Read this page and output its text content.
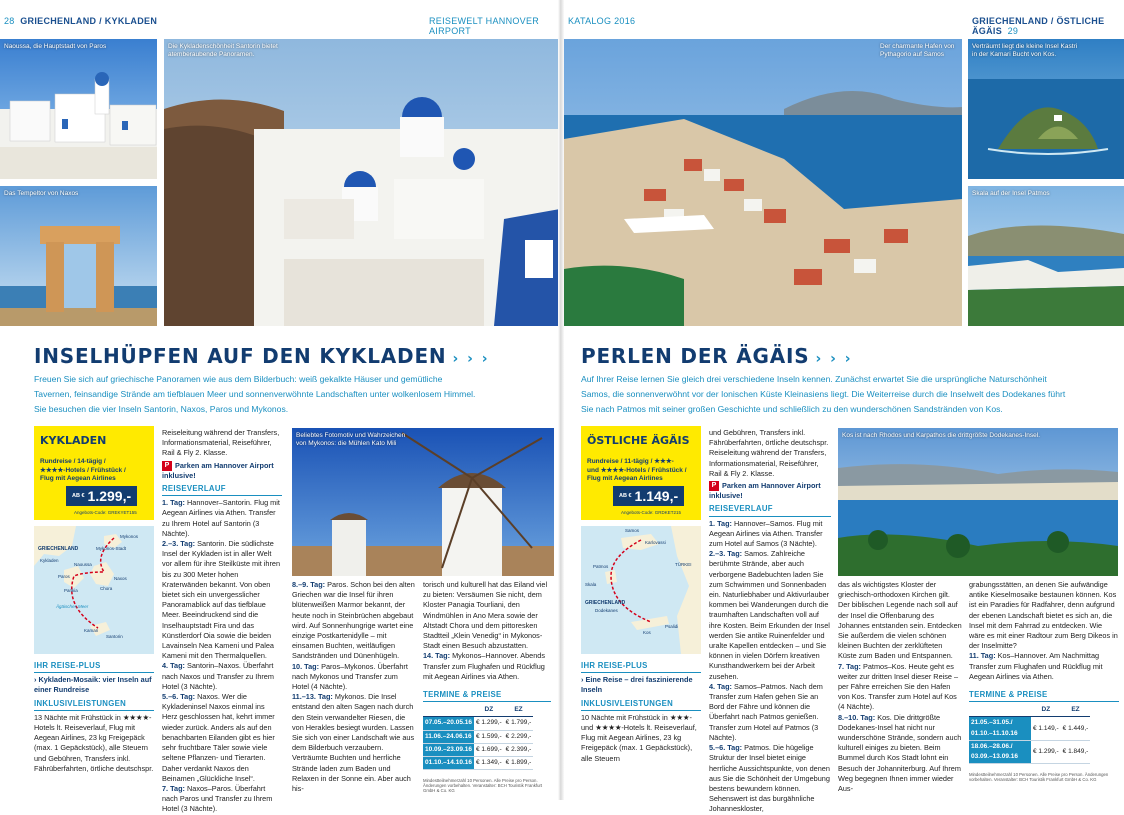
28 GRIECHENLAND / KYKLADEN	REISEWELT HANNOVER AIRPORT
Naoussa, die Hauptstadt von Paros
Das Tempeltor von Naxos
Die Kykladenschönheit Santorin bietet atemberaubende Panoramen.
INSELHÜPFEN AUF DEN KYKLADEN › › ›
Freuen Sie sich auf griechische Panoramen wie aus dem Bilderbuch: weiß gekalkte Häuser und gemütliche
Tavernen, feinsandige Strände am tiefblauen Meer und sonnenverwöhnte Landschaften unter wolkenlosem Himmel.
Sie besuchen die vier Inseln Santorin, Naxos, Paros und Mykonos.
KYKLADEN
Rundreise / 14-tägig /
★★★★-Hotels / Frühstück /
Flug mit Aegean Airlines
AB € 1.299,-
Angebots-Code: GREKYET155
GRIECHENLAND
Kykladen
Ägäisches Meer
Mykonos
Mykonos-Stadt
Naxos
Naoussa
Paros
Chora
Parikia
Kamari
Santorin
IHR REISE-PLUS

› Kykladen-Mosaik: vier Inseln auf einer Rundreise

INKLUSIVLEISTUNGEN

13 Nächte mit Frühstück in ★★★★-Hotels lt. Reiseverlauf, Flug mit Aegean Airlines, 23 kg Freigepäck (max. 1 Gepäckstück), alle Steuern und Gebühren, Transfers inkl. Fährüberfahrten, örtliche deutschspr.

Reiseleitung während der Transfers, Informationsmaterial, Reiseführer, Rail & Fly 2. Klasse.

P Parken am Hannover Airport inklusive!

REISEVERLAUF

1. Tag: Hannover–Santorin. Flug mit Aegean Airlines via Athen. Transfer zu Ihrem Hotel auf Santorin (3 Nächte).

2.–3. Tag: Santorin. Die südlichste Insel der Kykladen ist in aller Welt vor allem für ihre Steilküste mit ihren bis zu 300 Meter hohen Kraterwänden bekannt. Von oben bietet sich ein unvergesslicher Panoramablick auf das tiefblaue Meer. Beeindruckend sind die Inselhauptstadt Fira und das Künstlerdorf Oia sowie die beiden Lavainseln Nea Kameni und Palea Kameni mit den Thermalquellen.

4. Tag: Santorin–Naxos. Überfahrt nach Naxos und Transfer zu Ihrem Hotel (3 Nächte).

5.–6. Tag: Naxos. Wer die Kykladeninsel Naxos einmal ins Herz geschlossen hat, kehrt immer wieder zurück. Anders als auf den benachbarten Eilanden gibt es hier sehr fruchtbare Täler sowie viele seltene Pflanzen- und Tierarten. Daher verdankt Naxos den Beinamen „Glückliche Insel“.

7. Tag: Naxos–Paros. Überfahrt nach Paros und Transfer zu Ihrem Hotel (3 Nächte).

Beliebtes Fotomotiv und Wahrzeichen von Mykonos: die Mühlen Kato Mili

8.–9. Tag: Paros. Schon bei den alten Griechen war die Insel für ihren blütenweißen Marmor bekannt, der heute noch in Steinbrüchen abgebaut wird. Auf Sonnenhungrige wartet eine einzige Postkartenidylle – mit einsamen Buchten, weitläufigen Sandstränden und Dünenhügeln.

10. Tag: Paros–Mykonos. Überfahrt nach Mykonos und Transfer zum Hotel (4 Nächte).

11.–13. Tag: Mykonos. Die Insel entstand den alten Sagen nach durch den Stein verwandelter Riesen, die von Herakles besiegt wurden. Lassen Sie sich von einer Landschaft wie aus dem Bilderbuch verzaubern. Verträumte Buchten und herrliche Strände laden zum Baden und Relaxen in der Sonne ein. Aber auch his-

torisch und kulturell hat das Eiland viel zu bieten: Versäumen Sie nicht, dem Kloster Panagia Tourliani, den Windmühlen in Ano Mera sowie der Altstadt Chora und dem pittoresken Stadtteil „Klein Venedig“ in Mykonos-Stadt einen Besuch abzustatten.

14. Tag: Mykonos–Hannover. Abends Transfer zum Flughafen und Rückflug mit Aegean Airlines via Athen.

TERMINE & PREISE
	DZ	EZ
07.05.–20.05.16	€ 1.299,-	€ 1.799,-
11.06.–24.06.16	€ 1.599,-	€ 2.299,-
10.09.–23.09.16	€ 1.699,-	€ 2.399,-
01.10.–14.10.16	€ 1.349,-	€ 1.899,-
Mindestteilnehmerzahl 10 Personen. Alle Preise pro Person. Änderungen vorbehalten. Veranstalter: BCH Touristik Frankfurt GmbH & Co. KG
KATALOG 2016	GRIECHENLAND / ÖSTLICHE ÄGÄIS 29
Der charmante Hafen von Pythagorio auf Samos
Verträumt liegt die kleine Insel Kastri in der Kamari Bucht von Kos.
Skala auf der Insel Patmos
PERLEN DER ÄGÄIS › › ›
Auf Ihrer Reise lernen Sie gleich drei verschiedene Inseln kennen. Zunächst erwartet Sie die ursprüngliche Naturschönheit
Samos, die sonnenverwöhnt vor der Ionischen Küste Kleinasiens liegt. Die Weiterreise durch die Inselwelt des Dodekanes führt
Sie nach Patmos mit seiner großen Geschichte und schließlich zu den wunderschönen Sandstränden von Kos.
ÖSTLICHE ÄGÄIS
Rundreise / 11-tägig / ★★★-
und ★★★★-Hotels / Frühstück /
Flug mit Aegean Airlines
AB € 1.149,-
Angebots-Code: GRDKET215
Samos
Karlovassi
Patmos
Skala
GRIECHENLAND
Dodekanes
TÜRKEI
Kos
Psalidi
IHR REISE-PLUS

› Eine Reise – drei faszinierende Inseln

INKLUSIVLEISTUNGEN

10 Nächte mit Frühstück in ★★★- und ★★★★-Hotels lt. Reiseverlauf, Flug mit Aegean Airlines, 23 kg Freigepäck (max. 1 Gepäckstück), alle Steuern

und Gebühren, Transfers inkl. Fährüberfahrten, örtliche deutschspr. Reiseleitung während der Transfers, Informationsmaterial, Reiseführer, Rail & Fly 2. Klasse.

P Parken am Hannover Airport inklusive!

REISEVERLAUF

1. Tag: Hannover–Samos. Flug mit Aegean Airlines via Athen. Transfer zum Hotel auf Samos (3 Nächte).

2.–3. Tag: Samos. Zahlreiche berühmte Strände, aber auch verborgene Badebuchten laden Sie zum Schwimmen und Sonnenbaden ein. Naturliebhaber und Aktivurlauber kommen bei Wanderungen durch die traumhaften Landschaften voll auf ihre Kosten. Beim Erkunden der Insel werden Sie antike Ruinenfelder und uralte Kapellen entdecken – und Sie können in vielen Dörfern kreativen Kunsthandwerkern bei der Arbeit zusehen.

4. Tag: Samos–Patmos. Nach dem Transfer zum Hafen gehen Sie an Bord der Fähre und können die Überfahrt nach Patmos genießen. Transfer zum Hotel auf Patmos (3 Nächte).

5.–6. Tag: Patmos. Die hügelige Struktur der Insel bietet einige herrliche Aussichtspunkte, von denen aus Sie die Schönheit der Umgebung bestens bewundern können. Sehenswert ist das burgähnliche Johanneskloster,

Kos ist nach Rhodos und Karpathos die drittgrößte Dodekanes-Insel.

das als wichtigstes Kloster der griechisch-orthodoxen Kirchen gilt. Der biblischen Legende nach soll auf der Insel die Offenbarung des Johannes entstanden sein. Entdecken Sie außerdem die vielen schönen kleinen Buchten der zerklüfteten Küste zum Baden und Entspannen.

7. Tag: Patmos–Kos. Heute geht es weiter zur dritten Insel dieser Reise – per Fähre erreichen Sie den Hafen von Kos. Transfer zum Hotel auf Kos (4 Nächte).

8.–10. Tag: Kos. Die drittgrößte Dodekanes-Insel hat nicht nur wunderschöne Strände, sondern auch kulturell einiges zu bieten. Beim Bummel durch Kos Stadt lohnt ein Besuch der Johanniterburg. Auf Ihrem Weg begegnen Ihnen immer wieder Aus-

grabungsstätten, an denen Sie aufwändige antike Kieselmosaike bestaunen können. Kos ist ein Paradies für Radfahrer, denn aufgrund der ebenen Landschaft bietet es sich an, die Insel mit dem Fahrrad zu entdecken. Wie wäre es mit einer Radtour zum Berg Dikeos in der Inselmitte?

11. Tag: Kos–Hannover. Am Nachmittag Transfer zum Flughafen und Rückflug mit Aegean Airlines via Athen.

TERMINE & PREISE
	DZ	EZ
21.05.–31.05./ 01.10.–11.10.16	€ 1.149,-	€ 1.449,-
18.06.–28.06./ 03.09.–13.09.16	€ 1.299,-	€ 1.849,-
Mindestteilnehmerzahl 10 Personen. Alle Preise pro Person. Änderungen vorbehalten. Veranstalter: BCH Touristik Frankfurt GmbH & Co. KG
